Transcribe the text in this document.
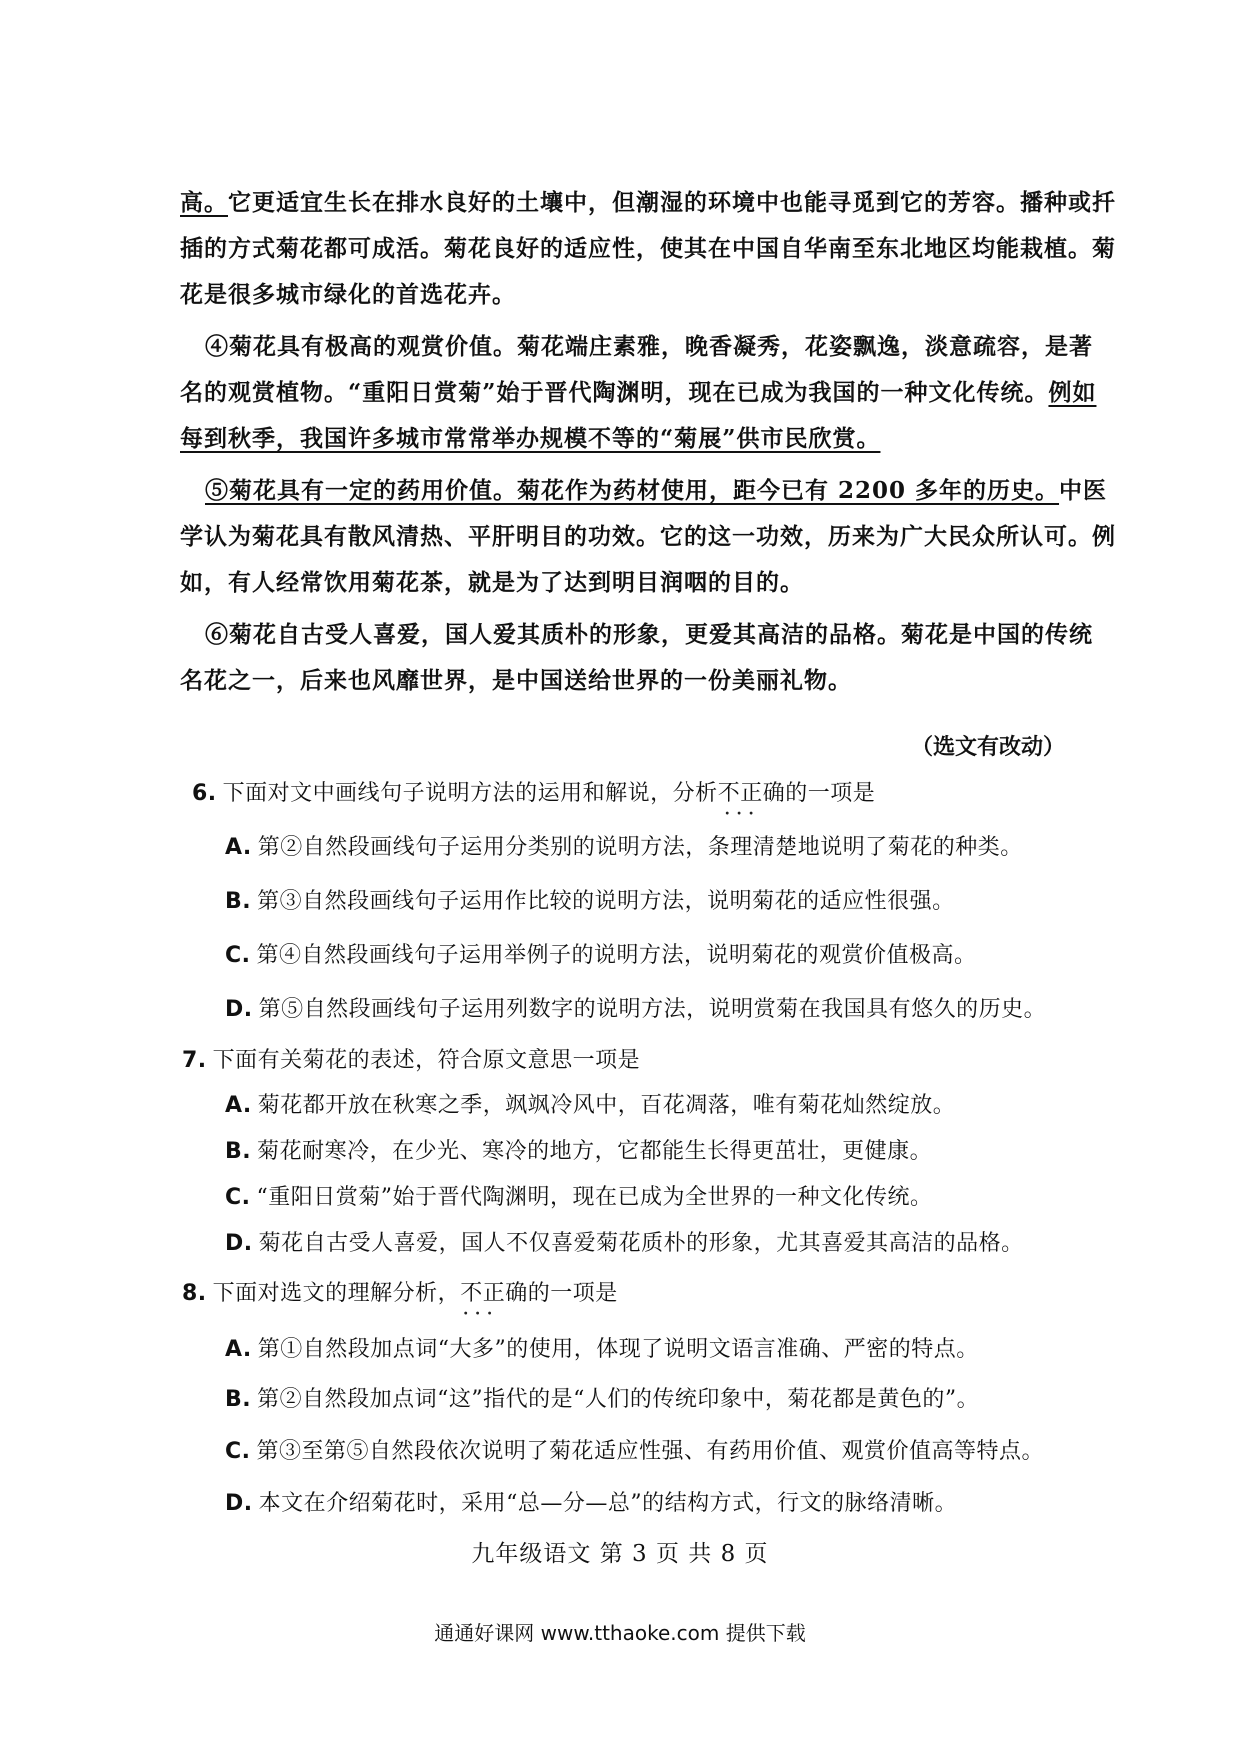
高。它更适宜生长在排水良好的土壤中，但潮湿的环境中也能寻觅到它的芳容。播种或扦
插的方式菊花都可成活。菊花良好的适应性，使其在中国自华南至东北地区均能栽植。菊
花是很多城市绿化的首选花卉。
④菊花具有极高的观赏价值。菊花端庄素雅，晚香凝秀，花姿飘逸，淡意疏容，是著
名的观赏植物。“重阳日赏菊”始于晋代陶渊明，现在已成为我国的一种文化传统。例如
每到秋季，我国许多城市常常举办规模不等的“菊展”供市民欣赏。
⑤菊花具有一定的药用价值。菊花作为药材使用，距今已有 2200 多年的历史。中医
学认为菊花具有散风清热、平肝明目的功效。它的这一功效，历来为广大民众所认可。例
如，有人经常饮用菊花茶，就是为了达到明目润咽的目的。
⑥菊花自古受人喜爱，国人爱其质朴的形象，更爱其高洁的品格。菊花是中国的传统
名花之一，后来也风靡世界，是中国送给世界的一份美丽礼物。
（选文有改动）
6. 下面对文中画线句子说明方法的运用和解说，分析不正确 ···的一项是
A. 第②自然段画线句子运用分类别的说明方法，条理清楚地说明了菊花的种类。
B. 第③自然段画线句子运用作比较的说明方法，说明菊花的适应性很强。
C. 第④自然段画线句子运用举例子的说明方法，说明菊花的观赏价值极高。
D. 第⑤自然段画线句子运用列数字的说明方法，说明赏菊在我国具有悠久的历史。
7. 下面有关菊花的表述，符合原文意思一项是
A. 菊花都开放在秋寒之季，飒飒冷风中，百花凋落，唯有菊花灿然绽放。
B. 菊花耐寒冷，在少光、寒冷的地方，它都能生长得更茁壮，更健康。
C. “重阳日赏菊”始于晋代陶渊明，现在已成为全世界的一种文化传统。
D. 菊花自古受人喜爱，国人不仅喜爱菊花质朴的形象，尤其喜爱其高洁的品格。
8. 下面对选文的理解分析，不正确 ···的一项是
A. 第①自然段加点词“大多”的使用，体现了说明文语言准确、严密的特点。
B. 第②自然段加点词“这”指代的是“人们的传统印象中，菊花都是黄色的”。
C. 第③至第⑤自然段依次说明了菊花适应性强、有药用价值、观赏价值高等特点。
D. 本文在介绍菊花时，采用“总—分—总”的结构方式，行文的脉络清晰。
九年级语文 第 3 页 共 8 页
通通好课网 www.tthaoke.com 提供下载
